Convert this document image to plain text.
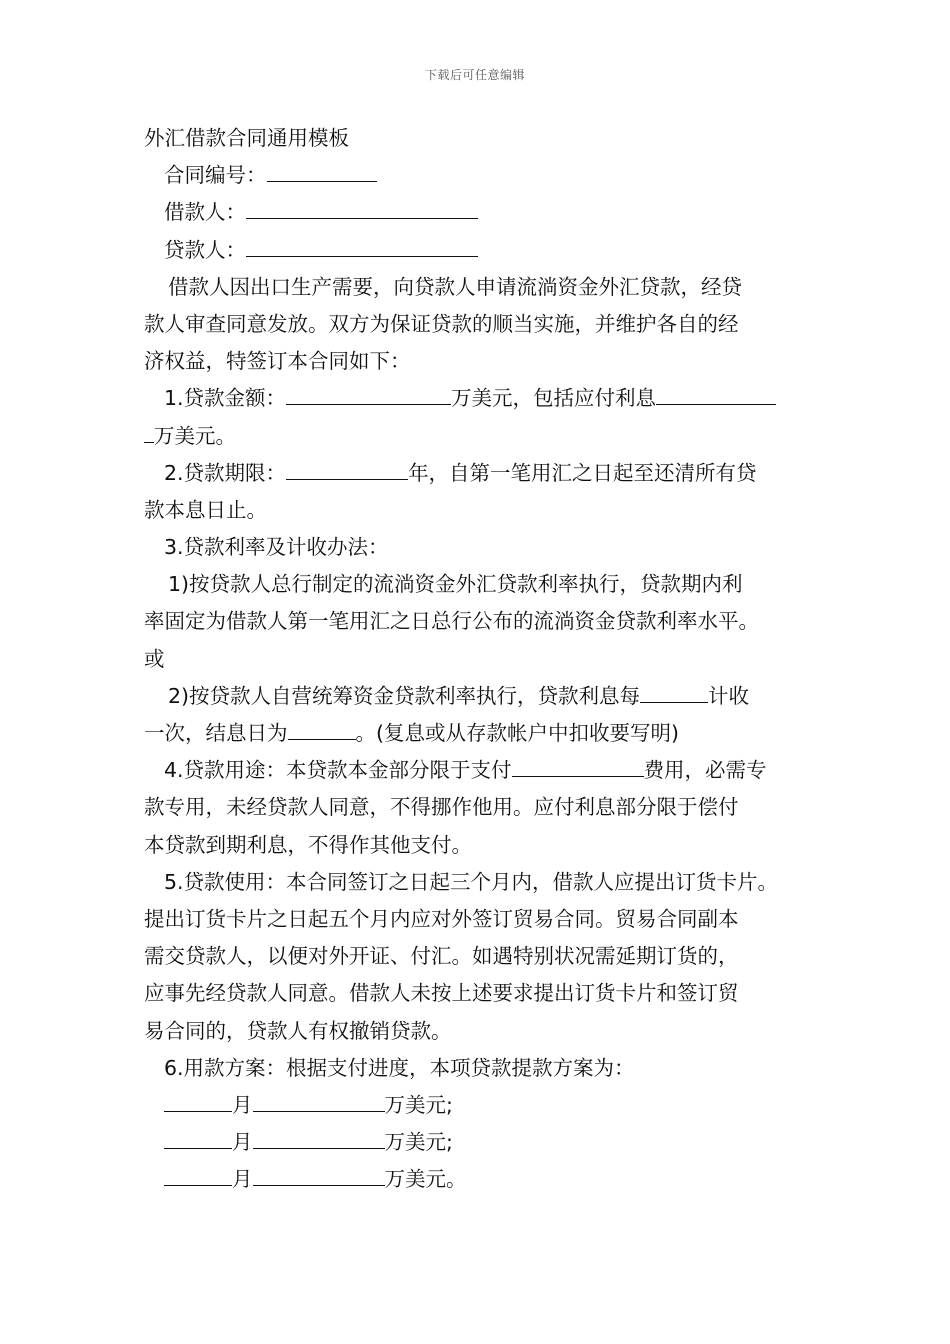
下载后可任意编辑

外汇借款合同通用模板

合同编号：

借款人：

贷款人：

借款人因出口生产需要，向贷款人申请流淌资金外汇贷款，经贷

款人审查同意发放。双方为保证贷款的顺当实施，并维护各自的经

济权益，特签订本合同如下：

1.贷款金额：	万美元，包括应付利息

万美元。

2.贷款期限：	年，自第一笔用汇之日起至还清所有贷

款本息日止。

3.贷款利率及计收办法：

1)按贷款人总行制定的流淌资金外汇贷款利率执行，贷款期内利

率固定为借款人第一笔用汇之日总行公布的流淌资金贷款利率水平。

或

2)按贷款人自营统筹资金贷款利率执行，贷款利息每	计收

一次，结息日为	。(复息或从存款帐户中扣收要写明)

4.贷款用途：本贷款本金部分限于支付	费用，必需专

款专用，未经贷款人同意，不得挪作他用。应付利息部分限于偿付

本贷款到期利息，不得作其他支付。

5.贷款使用：本合同签订之日起三个月内，借款人应提出订货卡片。

提出订货卡片之日起五个月内应对外签订贸易合同。贸易合同副本

需交贷款人，以便对外开证、付汇。如遇特别状况需延期订货的，

应事先经贷款人同意。借款人未按上述要求提出订货卡片和签订贸

易合同的，贷款人有权撤销贷款。

6.用款方案：根据支付进度，本项贷款提款方案为：

月	万美元;

月	万美元;

月	万美元。
